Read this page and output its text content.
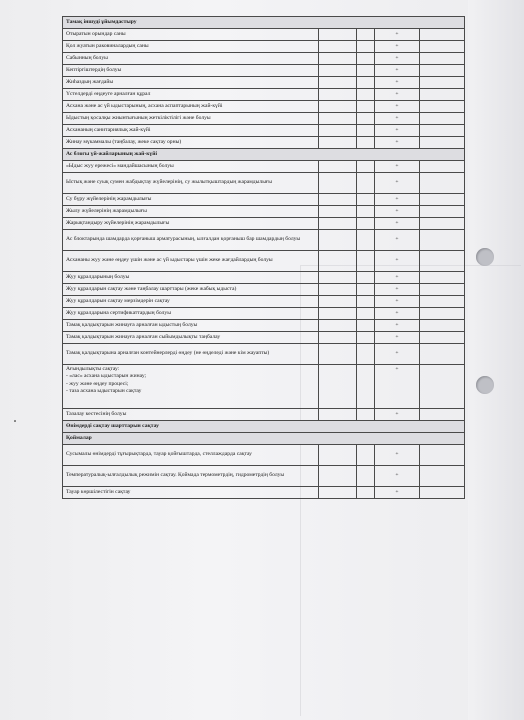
Тамақ іншуді ұйымдастыру				
Отыратын орындар саны			+	
Қол жуатын раковиналардың саны			+	
Сабынның болуы			+	
Кептіргіштердің болуы			+	
Жиһаздың жағдайы			+	
Үстелдерді өңдеуге арналған құрал			+	
Асхана және ас үй ыдыстарының, асхана аспаптарының жай-күйі			+	
Ыдыстың қосалқы жиынтығының жеткіліктілігі және болуы			+	
Асхананың санитариялық жай-күйі			+	
Жинау мүкаммалы (таңбалау, жеке сақтау орны)			+	
Ас блогы үй-жайларының жай-күйі				
«Ыдыс жуу ережесі» мандайшасының болуы			+	
Ыстық және суық сумен жабдықтау жүйелерінің, су жылытқыштардың жарамдылығы			+	
Су бүру жүйелерінің жарамдылығы			+	
Жылу жүйелерінің жарамдылығы			+	
Жарықтандыру жүйелерінің жарамдылығы			+	
Ас блоктарында шамдарда қорғаныш арматурасының, ылғалдан қорғаныш бар шамдардың болуы			+	
Асхананы жуу және өңдеу үшін және ас үй ыдыстары үшін жеке жағдайлардың болуы			+	
Жуу құралдарының болуы			+	
Жуу құралдарын сақтау және таңбалау шарттары (жеке жабық ыдыста)			+	
Жуу құралдарын сақтау мерзімдерін сақтау			+	
Жуу құралдарына сертификаттардың болуы			+	
Тамақ қалдықтарын жинауға арналған ыдыстың болуы			+	
Тамақ қалдықтарын жинауға арналған сыйымдылықты таңбалау			+	
Тамақ қалдықтарына арналған контейнерлерді өңдеу (не өңделеді және кім жауапты)			+	
Ағындылықты сақтау:
- «лас» асхана ыдыстарын жинау;
- жуу және өңдеу процесі;
- таза асхана ыдыстарын сақтау			+	
Тазалау кестесінің болуы			+	
Өнімдерді сақтау шарттарын сақтау				
Қоймалар				
Сусымалы өнімдерді тұғырықтарда, тауар қойғыштарда, стеллаждарда сақтау			+	
Температуралық-ылғалдылық режимін сақтау. Қоймада термометрдің, гидрометрдің болуы			+	
Тауар көршілестігін сақтау			+	
